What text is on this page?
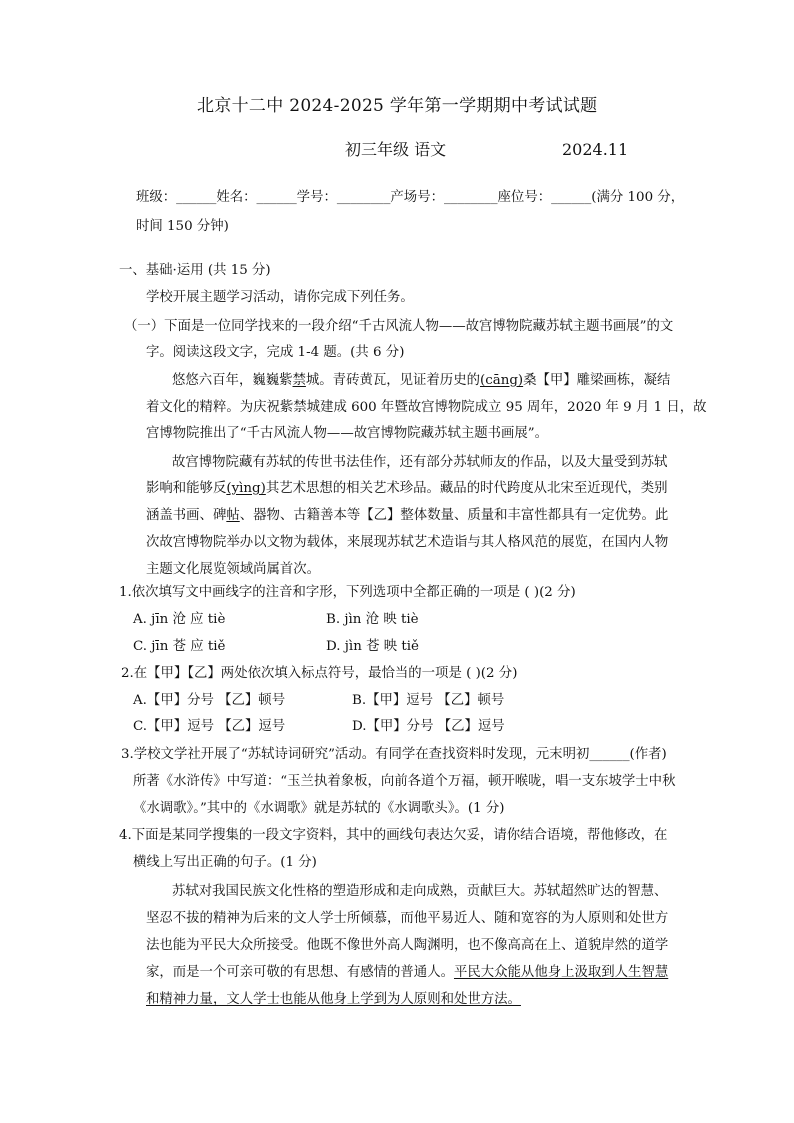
北京十二中 2024-2025 学年第一学期期中考试试题
初三年级 语文	2024.11
班级：______姓名：______学号：________产场号：________座位号：______(满分 100 分，
时间 150 分钟)
一、基础·运用 (共 15 分)
学校开展主题学习活动，请你完成下列任务。
（一）下面是一位同学找来的一段介绍“千古风流人物——故宫博物院藏苏轼主题书画展”的文
字。阅读这段文字，完成 1-4 题。(共 6 分)
悠悠六百年，巍巍紫禁城。青砖黄瓦，见证着历史的(cāng)桑【甲】雕梁画栋，凝结
着文化的精粹。为庆祝紫禁城建成 600 年暨故宫博物院成立 95 周年，2020 年 9 月 1 日，故
宫博物院推出了“千古风流人物——故宫博物院藏苏轼主题书画展”。
故宫博物院藏有苏轼的传世书法佳作，还有部分苏轼师友的作品，以及大量受到苏轼
影响和能够反(yìng)其艺术思想的相关艺术珍品。藏品的时代跨度从北宋至近现代，类别
涵盖书画、碑帖、器物、古籍善本等【乙】整体数量、质量和丰富性都具有一定优势。此
次故宫博物院举办以文物为载体，来展现苏轼艺术造诣与其人格风范的展览，在国内人物
主题文化展览领域尚属首次。
1.依次填写文中画线字的注音和字形，下列选项中全都正确的一项是 ( )(2 分)
A. jīn 沧 应 tiè	B. jìn 沧 映 tiè
C. jīn 苍 应 tiě	D. jìn 苍 映 tiě
2.在【甲】【乙】两处依次填入标点符号，最恰当的一项是 ( )(2 分)
A.【甲】分号 【乙】顿号	B.【甲】逗号 【乙】顿号
C.【甲】逗号 【乙】逗号	D.【甲】分号 【乙】逗号
3.学校文学社开展了“苏轼诗词研究”活动。有同学在查找资料时发现，元末明初______(作者)
所著《水浒传》中写道：“玉兰执着象板，向前各道个万福，顿开喉咙，唱一支东坡学士中秋
《水调歌》。”其中的《水调歌》就是苏轼的《水调歌头》。(1 分)
4.下面是某同学搜集的一段文字资料，其中的画线句表达欠妥，请你结合语境，帮他修改，在
横线上写出正确的句子。(1 分)
苏轼对我国民族文化性格的塑造形成和走向成熟，贡献巨大。苏轼超然旷达的智慧、
坚忍不拔的精神为后来的文人学士所倾慕，而他平易近人、随和宽容的为人原则和处世方
法也能为平民大众所接受。他既不像世外高人陶渊明，也不像高高在上、道貌岸然的道学
家，而是一个可亲可敬的有思想、有感情的普通人。平民大众能从他身上汲取到人生智慧
和精神力量，文人学士也能从他身上学到为人原则和处世方法。
